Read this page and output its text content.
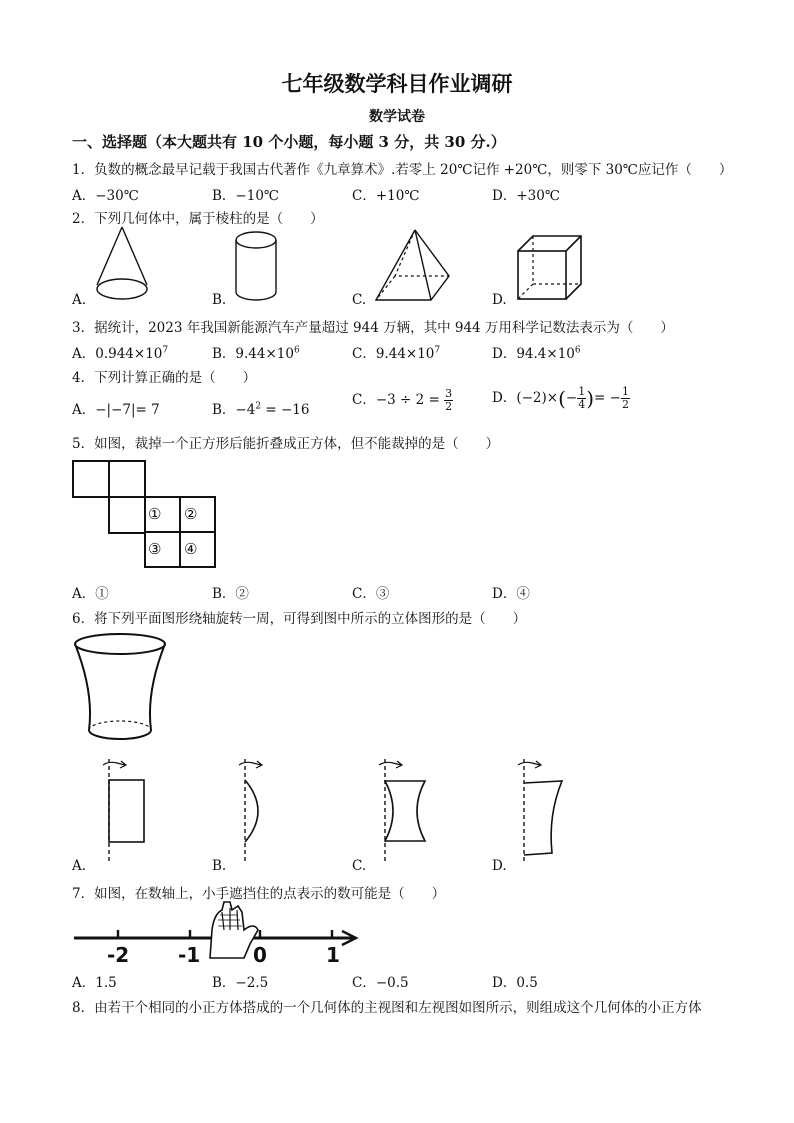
七年级数学科目作业调研
数学试卷
一、选择题（本大题共有 10 个小题，每小题 3 分，共 30 分.）
1．负数的概念最早记载于我国古代著作《九章算术》.若零上 20℃记作 +20℃，则零下 30℃应记作（　　）
A．−30℃	B．−10℃	C．+10℃	D．+30℃
2．下列几何体中，属于棱柱的是（　　）
A.	B.	C.	D.
3．据统计，2023 年我国新能源汽车产量超过 944 万辆，其中 944 万用科学记数法表示为（　　）
A．$0.944\times 10^7$	B．$9.44\times 10^6$	C．$9.44\times 10^7$	D．$94.4\times 10^6$
4．下列计算正确的是（　　）
A．−|−7|= 7	B．$-4^2 = -16$
C．$-3 \div 2 = \frac{3}{2}$	D．$(-2)\times(- \frac{1}{4}$ )= − $\frac{1}{2}$
5．如图，裁掉一个正方形后能折叠成正方体，但不能裁掉的是（　　）
① ②
③ ④
A．①	B．②	C．③	D．④
6．将下列平面图形绕轴旋转一周，可得到图中所示的立体图形的是（　　）
A.	B.	C.	D.
7．如图，在数轴上，小手遮挡住的点表示的数可能是（　　）
-2 -1	0	1
A．1.5	B．−2.5	C．−0.5	D．0.5
8．由若干个相同的小正方体搭成的一个几何体的主视图和左视图如图所示，则组成这个几何体的小正方体
